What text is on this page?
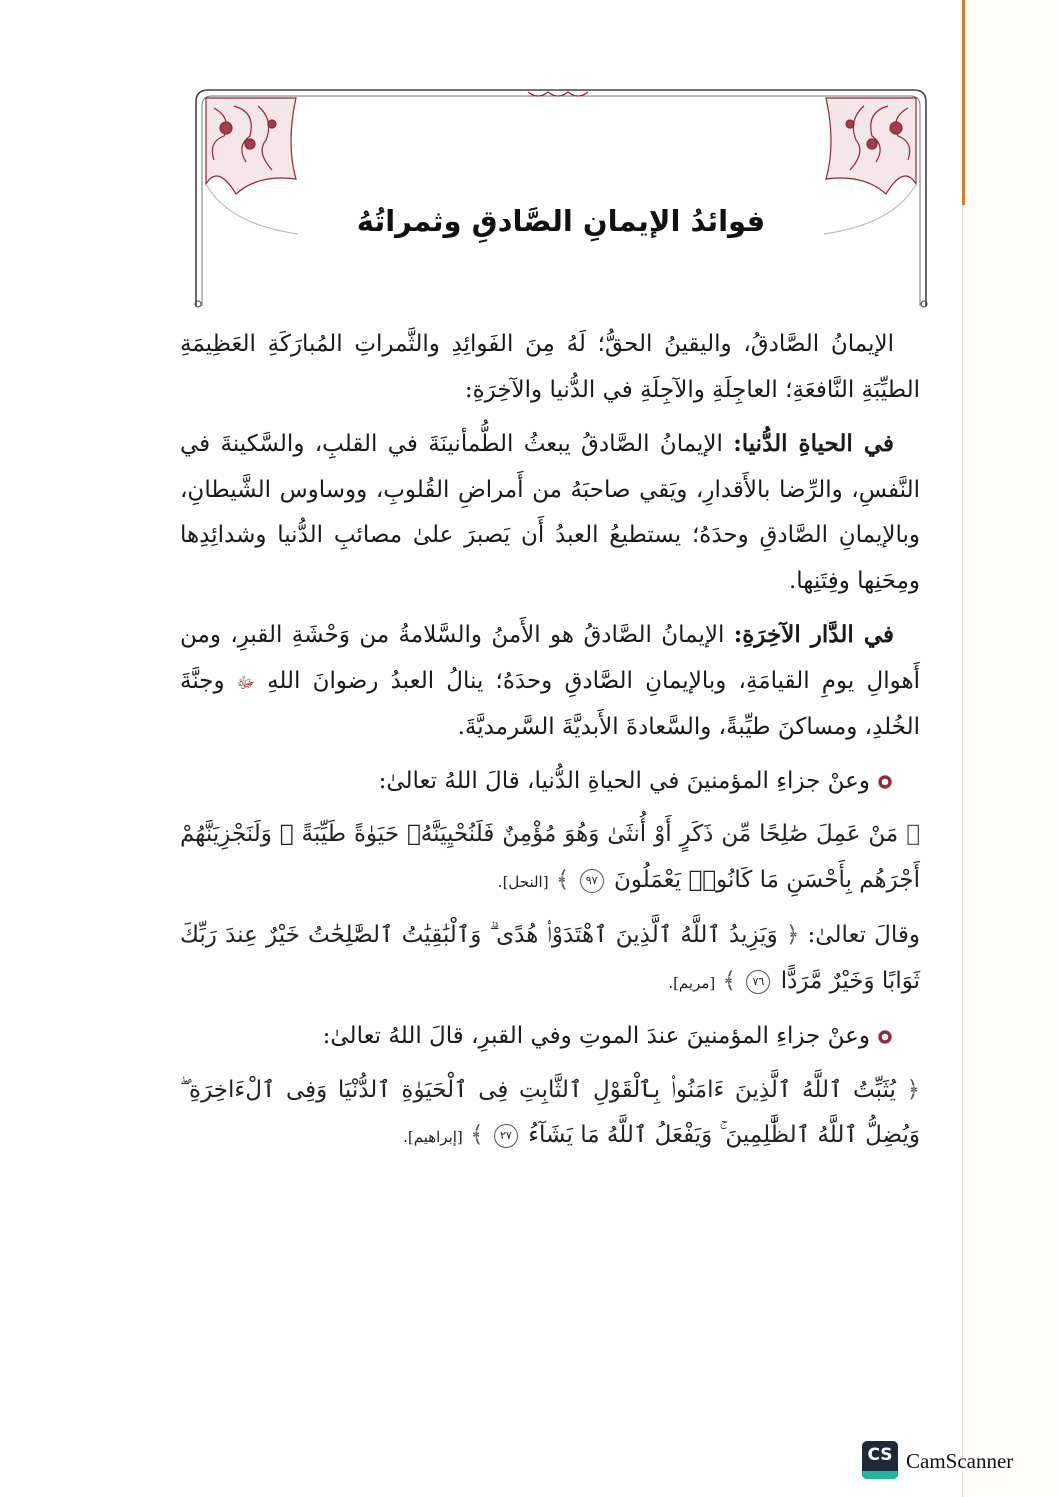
فوائدُ الإيمانِ الصَّادقِ وثمراتُهُ

الإيمانُ الصَّادقُ، واليقينُ الحقُّ؛ لَهُ مِنَ الفَوائِدِ والثَّمراتِ المُبارَكَةِ العَظِيمَةِ الطيِّبَةِ النَّافعَةِ؛ العاجِلَةِ والآجِلَةِ في الدُّنيا والآخِرَةِ:

في الحياةِ الدُّنيا: الإيمانُ الصَّادقُ يبعثُ الطُّمأنينَةَ في القلبِ، والسَّكينةَ في النَّفسِ، والرِّضا بالأَقدارِ، ويَقي صاحبَهُ من أَمراضِ القُلوبِ، ووساوس الشَّيطانِ، وبالإيمانِ الصَّادقِ وحدَهُ؛ يستطيعُ العبدُ أَن يَصبرَ علىٰ مصائبِ الدُّنيا وشدائِدِها ومِحَنِها وفِتَنِها.

في الدَّار الآخِرَةِ: الإيمانُ الصَّادقُ هو الأَمنُ والسَّلامةُ من وَحْشَةِ القبرِ، ومن أَهوالِ يومِ القيامَةِ، وبالإيمانِ الصَّادقِ وحدَهُ؛ ينالُ العبدُ رضوانَ اللهِ ﷻ وجنَّةَ الخُلدِ، ومساكنَ طيِّبةً، والسَّعادةَ الأَبديَّةَ السَّرمديَّةَ.

وعنْ جزاءِ المؤمنينَ في الحياةِ الدُّنيا، قالَ اللهُ تعالىٰ:

﴿ مَنْ عَمِلَ صَٰلِحًا مِّن ذَكَرٍ أَوْ أُنثَىٰ وَهُوَ مُؤْمِنٌ فَلَنُحْيِيَنَّهُۥ حَيَوٰةً طَيِّبَةً ۖ وَلَنَجْزِيَنَّهُمْ أَجْرَهُم بِأَحْسَنِ مَا كَانُوا۟ يَعْمَلُونَ ٩٧ ﴾ [النحل].

وقالَ تعالىٰ: ﴿ وَيَزِيدُ ٱللَّهُ ٱلَّذِينَ ٱهْتَدَوْا۟ هُدًى ۗ وَٱلْبَٰقِيَٰتُ ٱلصَّٰلِحَٰتُ خَيْرٌ عِندَ رَبِّكَ ثَوَابًا وَخَيْرٌ مَّرَدًّا ٧٦ ﴾ [مريم].

وعنْ جزاءِ المؤمنينَ عندَ الموتِ وفي القبرِ، قالَ اللهُ تعالىٰ:

﴿ يُثَبِّتُ ٱللَّهُ ٱلَّذِينَ ءَامَنُوا۟ بِٱلْقَوْلِ ٱلثَّابِتِ فِى ٱلْحَيَوٰةِ ٱلدُّنْيَا وَفِى ٱلْءَاخِرَةِ ۖ وَيُضِلُّ ٱللَّهُ ٱلظَّٰلِمِينَ ۚ وَيَفْعَلُ ٱللَّهُ مَا يَشَآءُ ٢٧ ﴾ [إبراهيم].

CS CamScanner
